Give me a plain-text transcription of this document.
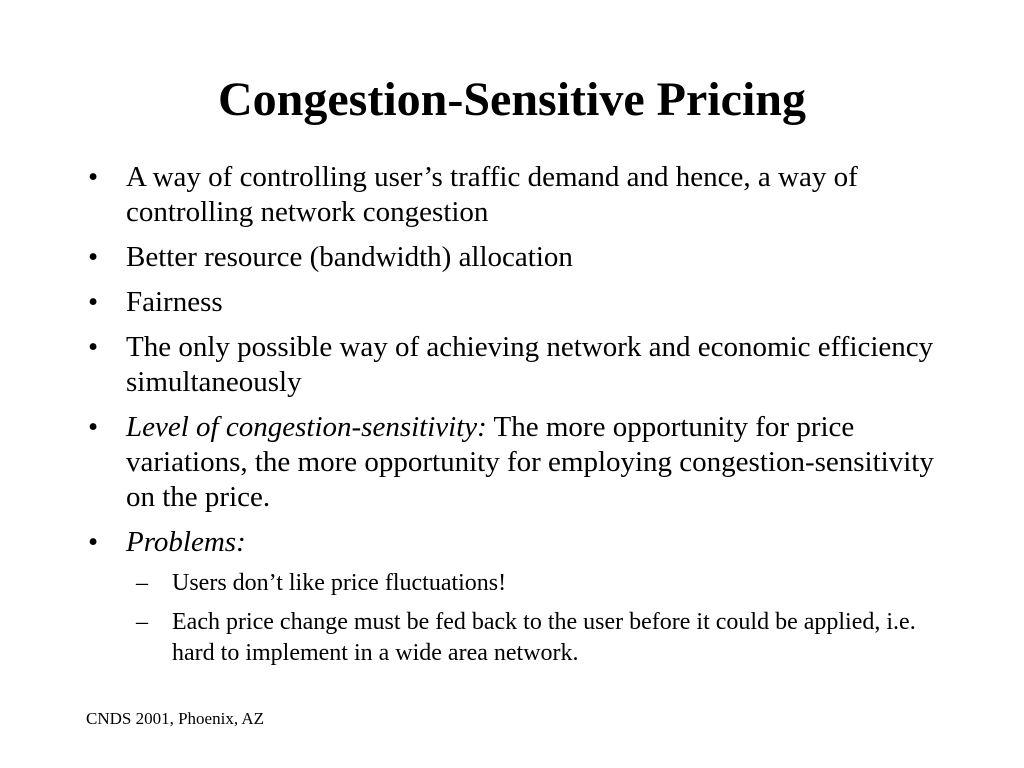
Congestion-Sensitive Pricing
• A way of controlling user’s traffic demand and hence, a way of controlling network congestion
• Better resource (bandwidth) allocation
• Fairness
• The only possible way of achieving network and economic efficiency simultaneously
• Level of congestion-sensitivity: The more opportunity for price variations, the more opportunity for employing congestion-sensitivity on the price.
• Problems:
– Users don’t like price fluctuations!
– Each price change must be fed back to the user before it could be applied, i.e. hard to implement in a wide area network.
CNDS 2001, Phoenix, AZ
